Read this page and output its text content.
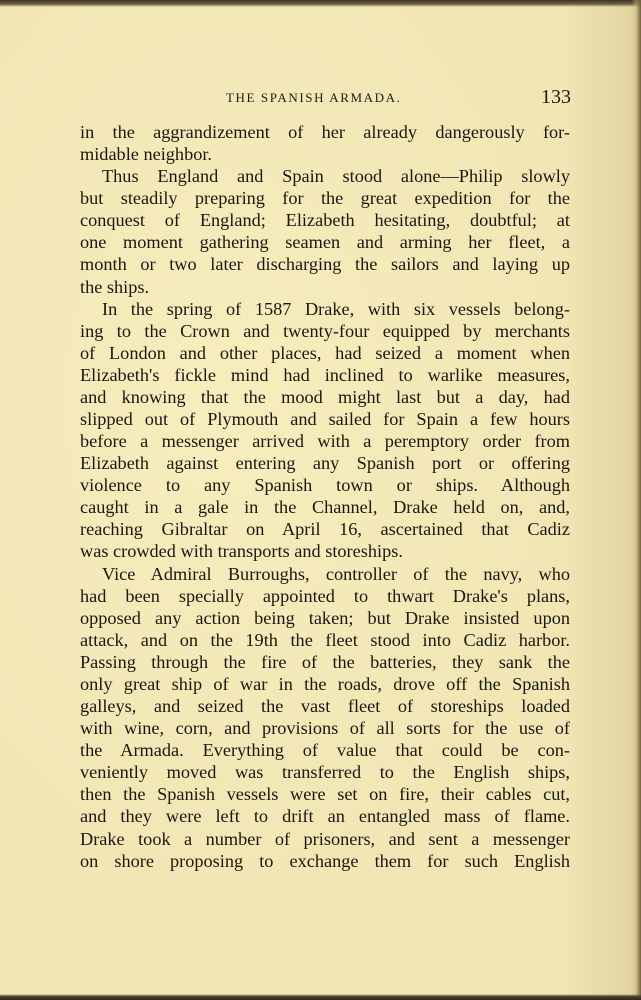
THE SPANISH ARMADA.	133
in the aggrandizement of her already dangerously for-
midable neighbor.
Thus England and Spain stood alone—Philip slowly
but steadily preparing for the great expedition for the
conquest of England; Elizabeth hesitating, doubtful; at
one moment gathering seamen and arming her fleet, a
month or two later discharging the sailors and laying up
the ships.
In the spring of 1587 Drake, with six vessels belong-
ing to the Crown and twenty-four equipped by merchants
of London and other places, had seized a moment when
Elizabeth's fickle mind had inclined to warlike measures,
and knowing that the mood might last but a day, had
slipped out of Plymouth and sailed for Spain a few hours
before a messenger arrived with a peremptory order from
Elizabeth against entering any Spanish port or offering
violence to any Spanish town or ships. Although
caught in a gale in the Channel, Drake held on, and,
reaching Gibraltar on April 16, ascertained that Cadiz
was crowded with transports and storeships.
Vice Admiral Burroughs, controller of the navy, who
had been specially appointed to thwart Drake's plans,
opposed any action being taken; but Drake insisted upon
attack, and on the 19th the fleet stood into Cadiz harbor.
Passing through the fire of the batteries, they sank the
only great ship of war in the roads, drove off the Spanish
galleys, and seized the vast fleet of storeships loaded
with wine, corn, and provisions of all sorts for the use of
the Armada. Everything of value that could be con-
veniently moved was transferred to the English ships,
then the Spanish vessels were set on fire, their cables cut,
and they were left to drift an entangled mass of flame.
Drake took a number of prisoners, and sent a messenger
on shore proposing to exchange them for such English
